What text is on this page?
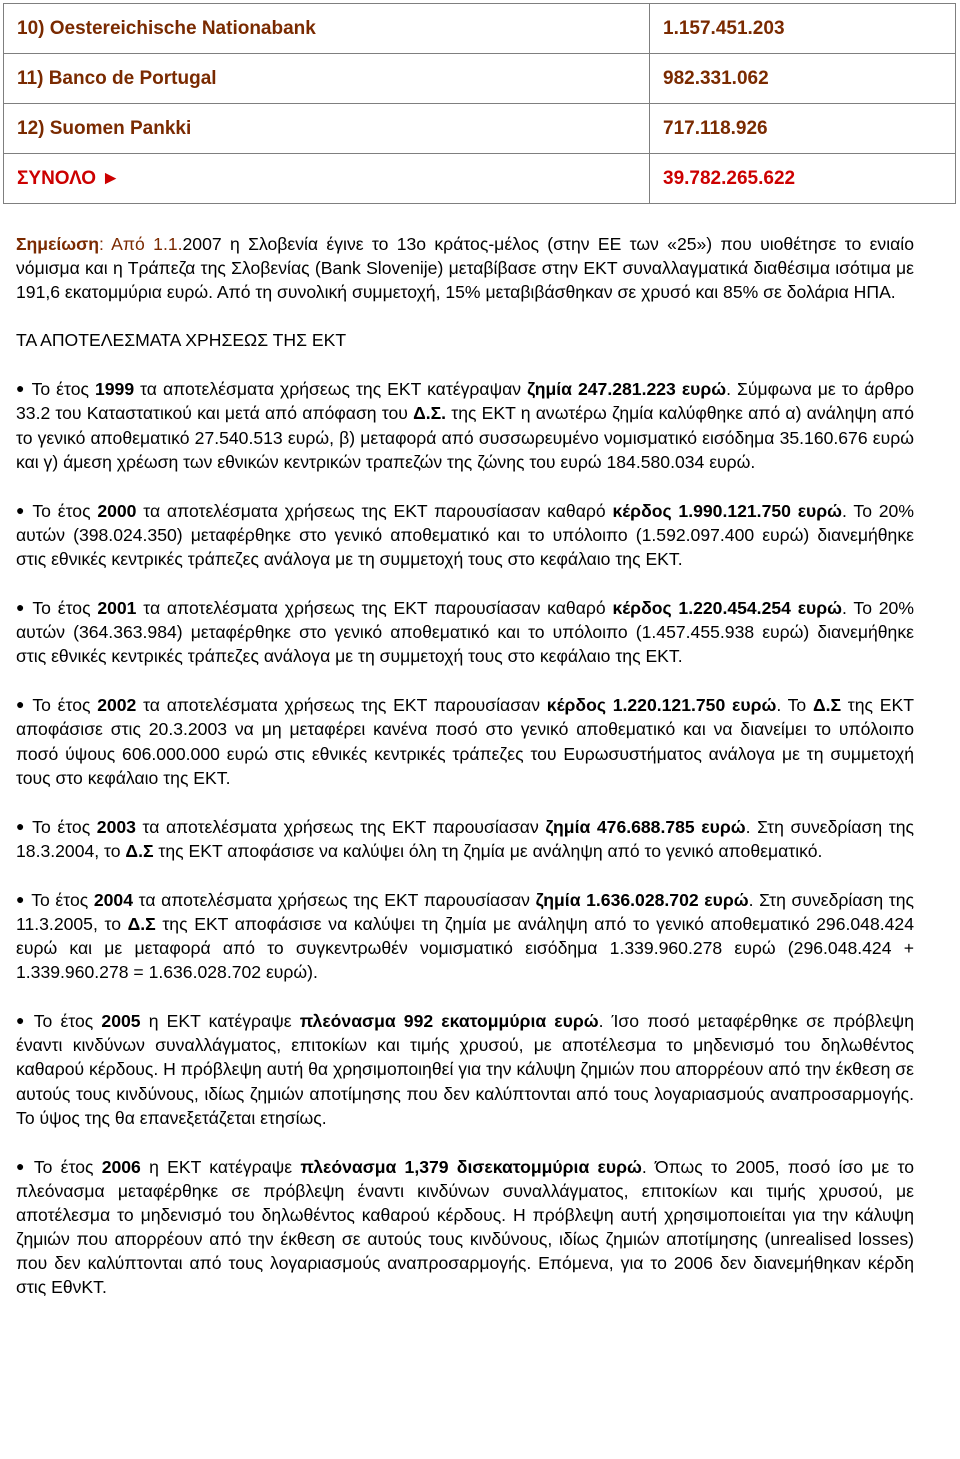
10) Oestereichische Nationabank	1.157.451.203
11) Banco de Portugal	982.331.062
12) Suomen Pankki	717.118.926
ΣΥΝΟΛΟ ►	39.782.265.622

Σημείωση: Από 1.1.2007 η Σλοβενία έγινε το 13ο κράτος-μέλος (στην ΕΕ των «25») που υιοθέτησε το ενιαίο νόμισμα και η Τράπεζα της Σλοβενίας (Bank Slovenije) μεταβίβασε στην ΕΚΤ συναλλαγματικά διαθέσιμα ισότιμα με 191,6 εκατομμύρια ευρώ. Από τη συνολική συμμετοχή, 15% μεταβιβάσθηκαν σε χρυσό και 85% σε δολάρια ΗΠΑ.

ΤΑ ΑΠΟΤΕΛΕΣΜΑΤΑ ΧΡΗΣΕΩΣ ΤΗΣ ΕΚΤ

● Το έτος 1999 τα αποτελέσματα χρήσεως της ΕΚΤ κατέγραψαν ζημία 247.281.223 ευρώ. Σύμφωνα με το άρθρο 33.2 του Καταστατικού και μετά από απόφαση του Δ.Σ. της ΕΚΤ η ανωτέρω ζημία καλύφθηκε από α) ανάληψη από το γενικό αποθεματικό 27.540.513 ευρώ, β) μεταφορά από συσσωρευμένο νομισματικό εισόδημα 35.160.676 ευρώ και γ) άμεση χρέωση των εθνικών κεντρικών τραπεζών της ζώνης του ευρώ 184.580.034 ευρώ.

● Το έτος 2000 τα αποτελέσματα χρήσεως της ΕΚΤ παρουσίασαν καθαρό κέρδος 1.990.121.750 ευρώ. Το 20% αυτών (398.024.350) μεταφέρθηκε στο γενικό αποθεματικό και το υπόλοιπο (1.592.097.400 ευρώ) διανεμήθηκε στις εθνικές κεντρικές τράπεζες ανάλογα με τη συμμετοχή τους στο κεφάλαιο της ΕΚΤ.

● Το έτος 2001 τα αποτελέσματα χρήσεως της ΕΚΤ παρουσίασαν καθαρό κέρδος 1.220.454.254 ευρώ. Το 20% αυτών (364.363.984) μεταφέρθηκε στο γενικό αποθεματικό και το υπόλοιπο (1.457.455.938 ευρώ) διανεμήθηκε στις εθνικές κεντρικές τράπεζες ανάλογα με τη συμμετοχή τους στο κεφάλαιο της ΕΚΤ.

● Το έτος 2002 τα αποτελέσματα χρήσεως της ΕΚΤ παρουσίασαν κέρδος 1.220.121.750 ευρώ. Το Δ.Σ της ΕΚΤ αποφάσισε στις 20.3.2003 να μη μεταφέρει κανένα ποσό στο γενικό αποθεματικό και να διανείμει το υπόλοιπο ποσό ύψους 606.000.000 ευρώ στις εθνικές κεντρικές τράπεζες του Ευρωσυστήματος ανάλογα με τη συμμετοχή τους στο κεφάλαιο της ΕΚΤ.

● Το έτος 2003 τα αποτελέσματα χρήσεως της ΕΚΤ παρουσίασαν ζημία 476.688.785 ευρώ. Στη συνεδρίαση της 18.3.2004, το Δ.Σ της ΕΚΤ αποφάσισε να καλύψει όλη τη ζημία με ανάληψη από το γενικό αποθεματικό.

● Το έτος 2004 τα αποτελέσματα χρήσεως της ΕΚΤ παρουσίασαν ζημία 1.636.028.702 ευρώ. Στη συνεδρίαση της 11.3.2005, το Δ.Σ της ΕΚΤ αποφάσισε να καλύψει τη ζημία με ανάληψη από το γενικό αποθεματικό 296.048.424 ευρώ και με μεταφορά από το συγκεντρωθέν νομισματικό εισόδημα 1.339.960.278 ευρώ (296.048.424 + 1.339.960.278 = 1.636.028.702 ευρώ).

● Το έτος 2005 η ΕΚΤ κατέγραψε πλεόνασμα 992 εκατομμύρια ευρώ. Ίσο ποσό μεταφέρθηκε σε πρόβλεψη έναντι κινδύνων συναλλάγματος, επιτοκίων και τιμής χρυσού, με αποτέλεσμα το μηδενισμό του δηλωθέντος καθαρού κέρδους. Η πρόβλεψη αυτή θα χρησιμοποιηθεί για την κάλυψη ζημιών που απορρέουν από την έκθεση σε αυτούς τους κινδύνους, ιδίως ζημιών αποτίμησης που δεν καλύπτονται από τους λογαριασμούς αναπροσαρμογής. Το ύψος της θα επανεξετάζεται ετησίως.

● Το έτος 2006 η ΕΚΤ κατέγραψε πλεόνασμα 1,379 δισεκατομμύρια ευρώ. Όπως το 2005, ποσό ίσο με το πλεόνασμα μεταφέρθηκε σε πρόβλεψη έναντι κινδύνων συναλλάγματος, επιτοκίων και τιμής χρυσού, με αποτέλεσμα το μηδενισμό του δηλωθέντος καθαρού κέρδους. Η πρόβλεψη αυτή χρησιμοποιείται για την κάλυψη ζημιών που απορρέουν από την έκθεση σε αυτούς τους κινδύνους, ιδίως ζημιών αποτίμησης (unrealised losses) που δεν καλύπτονται από τους λογαριασμούς αναπροσαρμογής. Επόμενα, για το 2006 δεν διανεμήθηκαν κέρδη στις ΕθνΚΤ.
